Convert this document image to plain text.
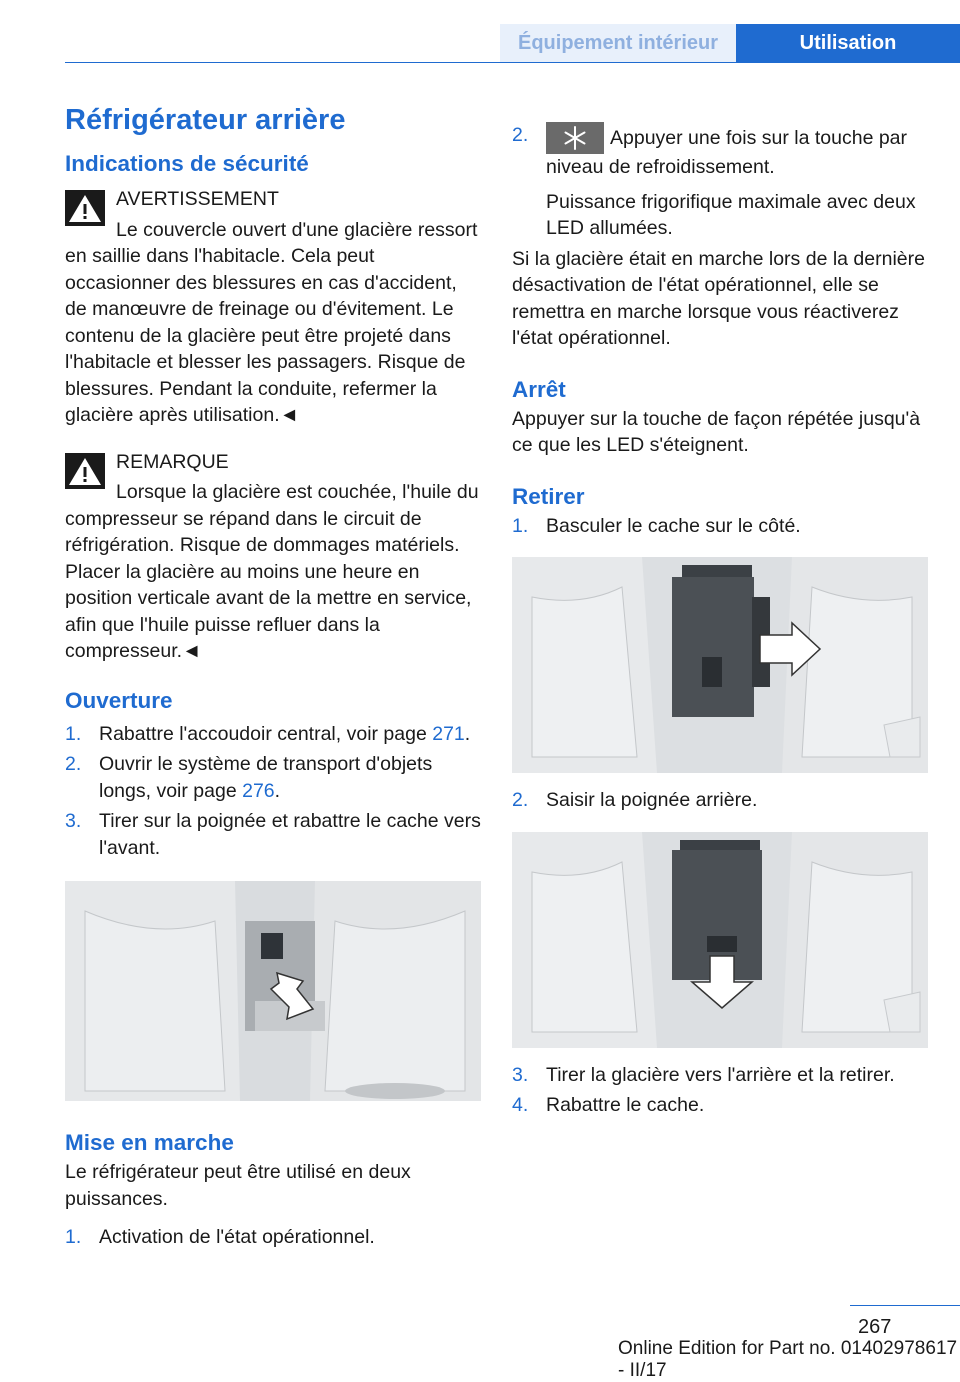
Équipement intérieur	Utilisation
Réfrigérateur arrière
Indications de sécurité
AVERTISSEMENT

Le couvercle ouvert d'une glacière ressort en saillie dans l'habitacle. Cela peut occasionner des blessures en cas d'accident, de manœuvre de freinage ou d'évitement. Le contenu de la glacière peut être projeté dans l'habitacle et blesser les passagers. Risque de blessures. Pendant la conduite, refermer la glacière après utilisation.◄

REMARQUE

Lorsque la glacière est couchée, l'huile du compresseur se répand dans le circuit de réfrigération. Risque de dommages matériels. Placer la glacière au moins une heure en position verticale avant de la mettre en service, afin que l'huile puisse refluer dans la compresseur.◄

Ouverture
1. Rabattre l'accoudoir central, voir page 271.
2. Ouvrir le système de transport d'objets longs, voir page 276.
3. Tirer sur la poignée et rabattre le cache vers l'avant.
Mise en marche

Le réfrigérateur peut être utilisé en deux puissances.

1. Activation de l'état opérationnel.
2.	Appuyer une fois sur la touche par niveau de refroidissement.

Puissance frigorifique maximale avec deux LED allumées.

Si la glacière était en marche lors de la dernière désactivation de l'état opérationnel, elle se remettra en marche lorsque vous réactiverez l'état opérationnel.

Arrêt

Appuyer sur la touche de façon répétée jusqu'à ce que les LED s'éteignent.

Retirer
1. Basculer le cache sur le côté.
2. Saisir la poignée arrière.
3. Tirer la glacière vers l'arrière et la retirer.
4. Rabattre le cache.
267
Online Edition for Part no. 01402978617 - II/17
